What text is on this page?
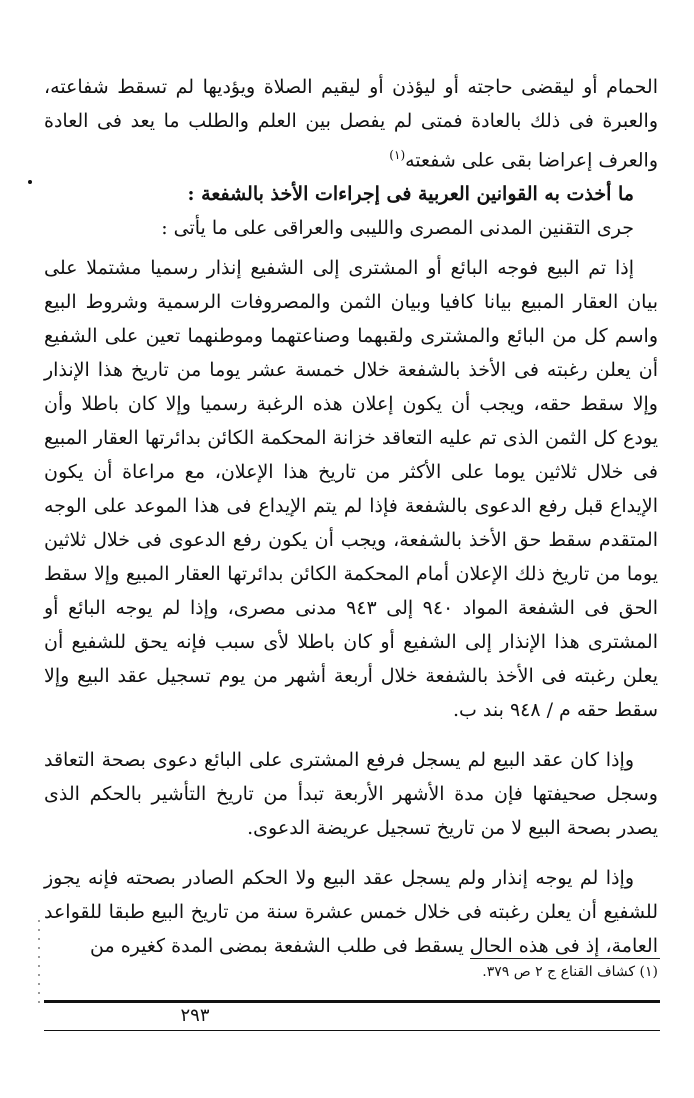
الحمام أو ليقضى حاجته أو ليؤذن أو ليقيم الصلاة ويؤديها لم تسقط شفاعته، والعبرة فى ذلك بالعادة فمتى لم يفصل بين العلم والطلب ما يعد فى العادة والعرف إعراضا بقى على شفعته$^{(١)}$

ما أخذت به القوانين العربية فى إجراءات الأخذ بالشفعة :

جرى التقنين المدنى المصرى والليبى والعراقى على ما يأتى :

إذا تم البيع فوجه البائع أو المشترى إلى الشفيع إنذار رسميا مشتملا على بيان العقار المبيع بيانا كافيا وبيان الثمن والمصروفات الرسمية وشروط البيع واسم كل من البائع والمشترى ولقبهما وصناعتهما وموطنهما تعين على الشفيع أن يعلن رغبته فى الأخذ بالشفعة خلال خمسة عشر يوما من تاريخ هذا الإنذار وإلا سقط حقه، ويجب أن يكون إعلان هذه الرغبة رسميا وإلا كان باطلا وأن يودع كل الثمن الذى تم عليه التعاقد خزانة المحكمة الكائن بدائرتها العقار المبيع فى خلال ثلاثين يوما على الأكثر من تاريخ هذا الإعلان، مع مراعاة أن يكون الإيداع قبل رفع الدعوى بالشفعة فإذا لم يتم الإيداع فى هذا الموعد على الوجه المتقدم سقط حق الأخذ بالشفعة، ويجب أن يكون رفع الدعوى فى خلال ثلاثين يوما من تاريخ ذلك الإعلان أمام المحكمة الكائن بدائرتها العقار المبيع وإلا سقط الحق فى الشفعة المواد ٩٤٠ إلى ٩٤٣ مدنى مصرى، وإذا لم يوجه البائع أو المشترى هذا الإنذار إلى الشفيع أو كان باطلا لأى سبب فإنه يحق للشفيع أن يعلن رغبته فى الأخذ بالشفعة خلال أربعة أشهر من يوم تسجيل عقد البيع وإلا سقط حقه م / ٩٤٨ بند ب.

وإذا كان عقد البيع لم يسجل فرفع المشترى على البائع دعوى بصحة التعاقد وسجل صحيفتها فإن مدة الأشهر الأربعة تبدأ من تاريخ التأشير بالحكم الذى يصدر بصحة البيع لا من تاريخ تسجيل عريضة الدعوى.

وإذا لم يوجه إنذار ولم يسجل عقد البيع ولا الحكم الصادر بصحته فإنه يجوز للشفيع أن يعلن رغبته فى خلال خمس عشرة سنة من تاريخ البيع طبقا للقواعد العامة، إذ فى هذه الحال يسقط فى طلب الشفعة بمضى المدة كغيره من

(١) كشاف القناع ج ٢ ص ٣٧٩.
٢٩٣
